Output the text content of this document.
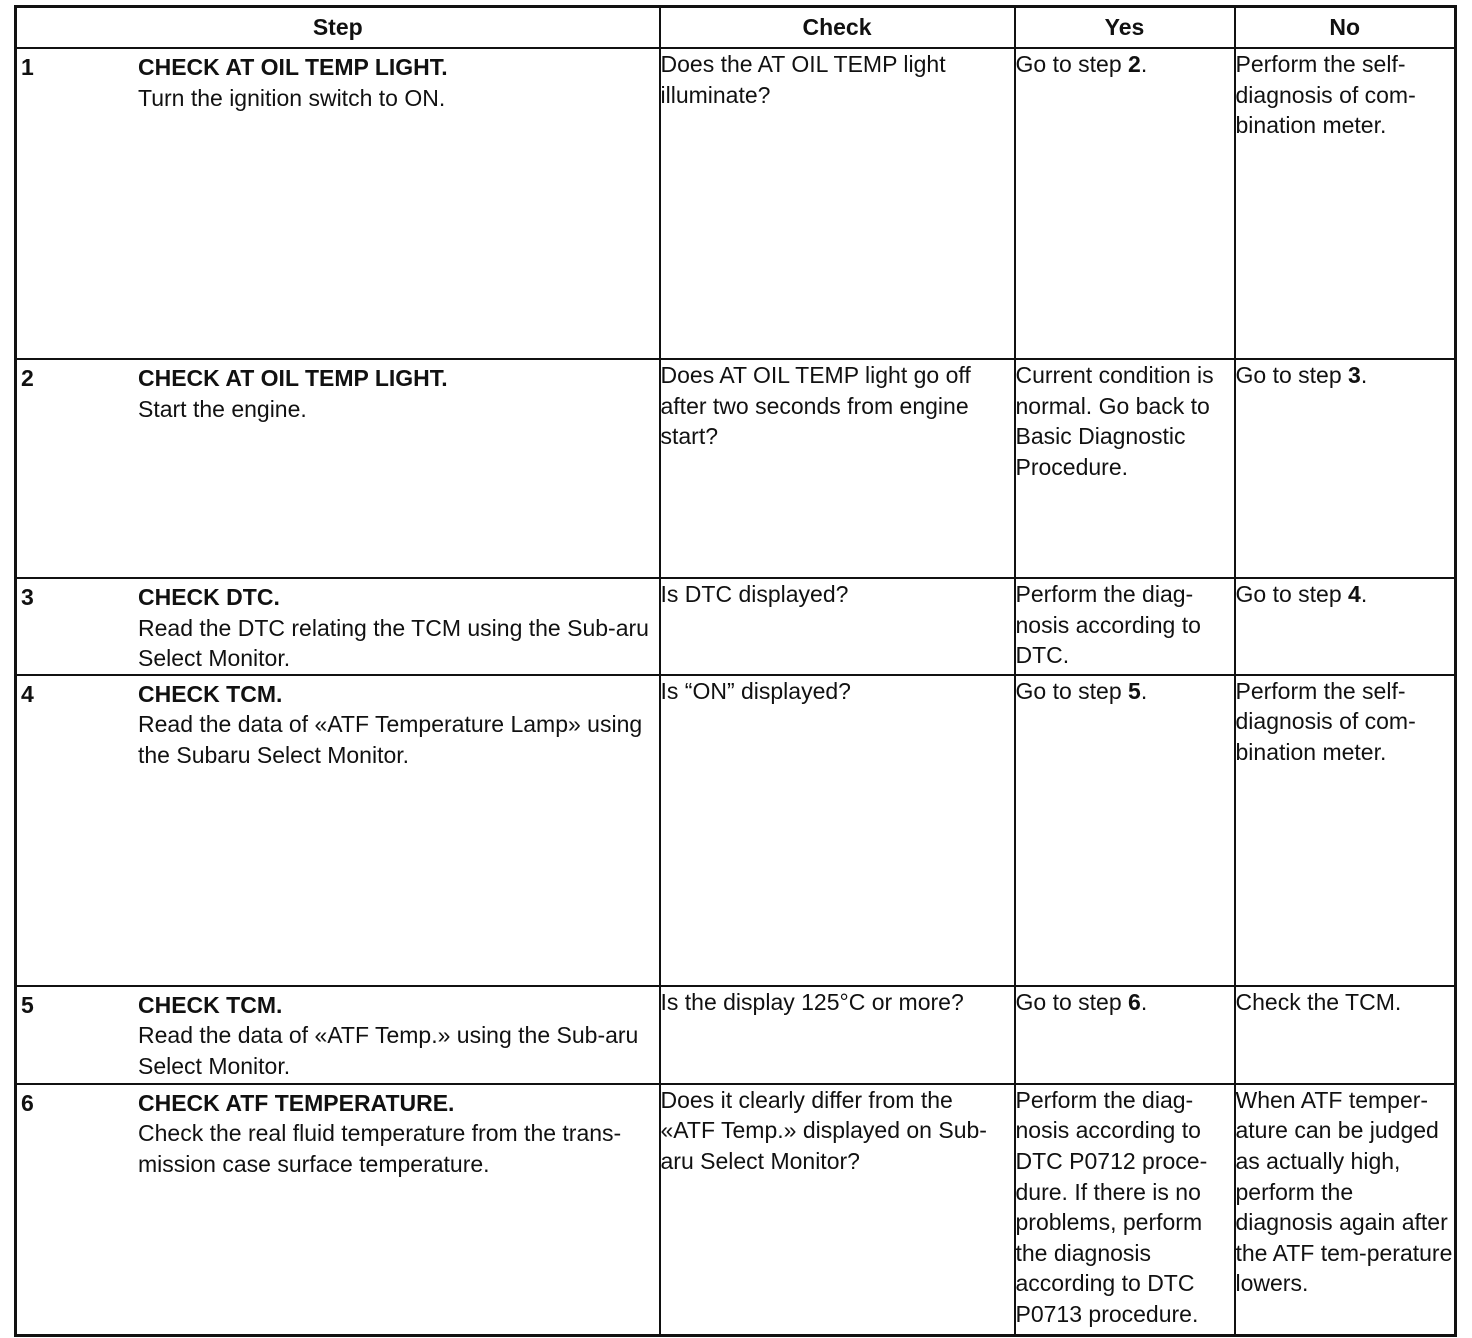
Step	Check	Yes	No

1 CHECK AT OIL TEMP LIGHT.
Turn the ignition switch to ON.	Does the AT OIL TEMP light illuminate?	Go to step 2.	Perform the self-diagnosis of com-bination meter.

2 CHECK AT OIL TEMP LIGHT.
Start the engine.	Does AT OIL TEMP light go off after two seconds from engine start?	Current condition is normal. Go back to Basic Diagnostic Procedure.	Go to step 3.

3 CHECK DTC.
Read the DTC relating the TCM using the Sub-aru Select Monitor.	Is DTC displayed?	Perform the diag-nosis according to DTC.	Go to step 4.

4 CHECK TCM.
Read the data of «ATF Temperature Lamp» using the Subaru Select Monitor.	Is “ON” displayed?	Go to step 5.	Perform the self-diagnosis of com-bination meter.

5 CHECK TCM.
Read the data of «ATF Temp.» using the Sub-aru Select Monitor.	Is the display 125°C or more?	Go to step 6.	Check the TCM.

6 CHECK ATF TEMPERATURE.
Check the real fluid temperature from the trans-mission case surface temperature.	Does it clearly differ from the «ATF Temp.» displayed on Sub-aru Select Monitor?	Perform the diag-nosis according to DTC P0712 proce-dure. If there is no problems, perform the diagnosis according to DTC P0713 procedure.	When ATF temper-ature can be judged as actually high, perform the diagnosis again after the ATF tem-perature lowers.
